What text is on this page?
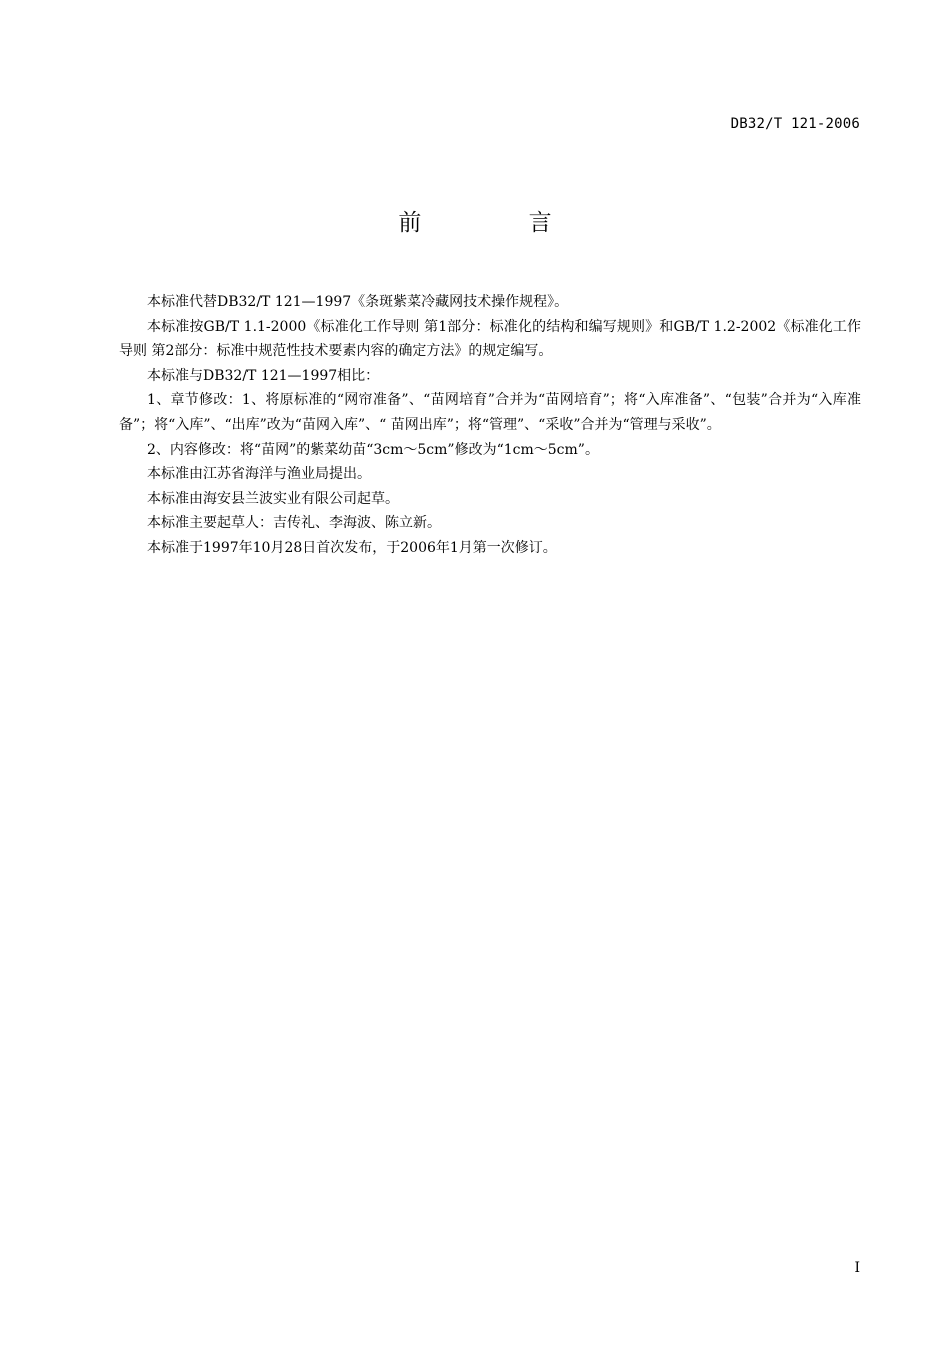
DB32/T 121-2006
前 言

本标准代替DB32/T 121—1997《条斑紫菜冷藏网技术操作规程》。

本标准按GB/T 1.1-2000《标准化工作导则 第1部分：标准化的结构和编写规则》和GB/T 1.2-2002《标准化工作导则 第2部分：标准中规范性技术要素内容的确定方法》的规定编写。

本标准与DB32/T 121—1997相比：

1、章节修改：1、将原标准的“网帘准备”、“苗网培育”合并为“苗网培育”；将“入库准备”、“包装”合并为“入库准备”；将“入库”、“出库”改为“苗网入库”、“ 苗网出库”；将“管理”、“采收”合并为“管理与采收”。

2、内容修改：将“苗网”的紫菜幼苗“3cm～5cm”修改为“1cm～5cm”。

本标准由江苏省海洋与渔业局提出。

本标准由海安县兰波实业有限公司起草。

本标准主要起草人：吉传礼、李海波、陈立新。

本标准于1997年10月28日首次发布，于2006年1月第一次修订。

I
